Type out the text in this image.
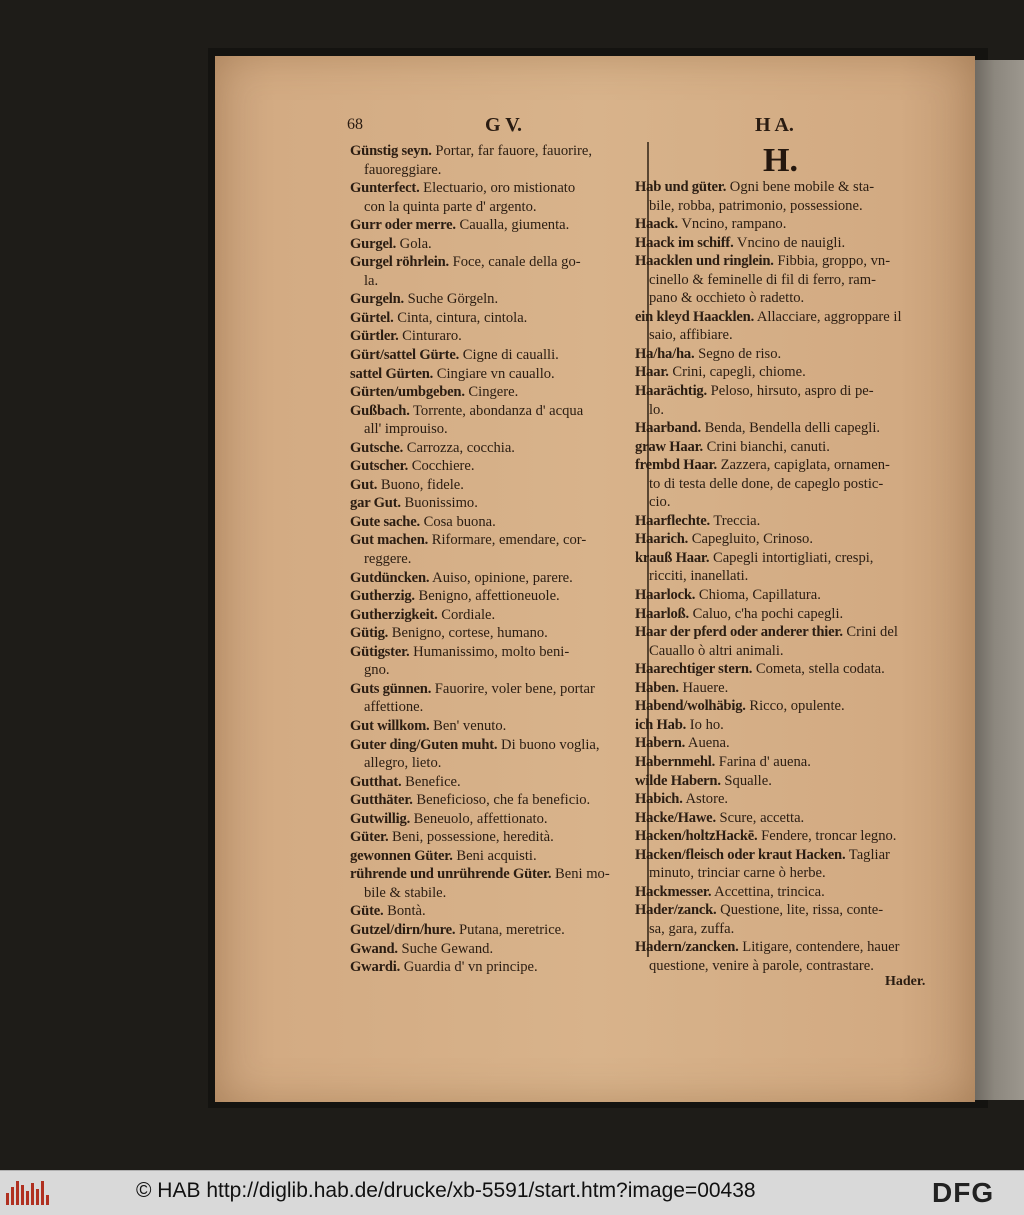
68	G V.	H A.
H.
Günstig seyn. Portar, far fauore, fauorire,
fauoreggiare.
Gunterfect. Electuario, oro mistionato
con la quinta parte d' argento.
Gurr oder merre. Caualla, giumenta.
Gurgel. Gola.
Gurgel röhrlein. Foce, canale della go-
la.
Gurgeln. Suche Görgeln.
Gürtel. Cinta, cintura, cintola.
Gürtler. Cinturaro.
Gürt/sattel Gürte. Cigne di caualli.
sattel Gürten. Cingiare vn cauallo.
Gürten/umbgeben. Cingere.
Gußbach. Torrente, abondanza d' acqua
all' improuiso.
Gutsche. Carrozza, cocchia.
Gutscher. Cocchiere.
Gut. Buono, fidele.
gar Gut. Buonissimo.
Gute sache. Cosa buona.
Gut machen. Riformare, emendare, cor-
reggere.
Gutdüncken. Auiso, opinione, parere.
Gutherzig. Benigno, affettioneuole.
Gutherzigkeit. Cordiale.
Gütig. Benigno, cortese, humano.
Gütigster. Humanissimo, molto beni-
gno.
Guts günnen. Fauorire, voler bene, portar
affettione.
Gut willkom. Ben' venuto.
Guter ding/Guten muht. Di buono voglia,
allegro, lieto.
Gutthat. Benefice.
Gutthäter. Beneficioso, che fa beneficio.
Gutwillig. Beneuolo, affettionato.
Güter. Beni, possessione, heredità.
gewonnen Güter. Beni acquisti.
rührende und unrührende Güter. Beni mo-
bile & stabile.
Güte. Bontà.
Gutzel/dirn/hure. Putana, meretrice.
Gwand. Suche Gewand.
Gwardi. Guardia d' vn principe.
Hab und güter. Ogni bene mobile & sta-
bile, robba, patrimonio, possessione.
Haack. Vncino, rampano.
Haack im schiff. Vncino de nauigli.
Haacklen und ringlein. Fibbia, groppo, vn-
cinello & feminelle di fil di ferro, ram-
pano & occhieto ò radetto.
ein kleyd Haacklen. Allacciare, aggroppare il
saio, affibiare.
Ha/ha/ha. Segno de riso.
Haar. Crini, capegli, chiome.
Haarächtig. Peloso, hirsuto, aspro di pe-
lo.
Haarband. Benda, Bendella delli capegli.
graw Haar. Crini bianchi, canuti.
frembd Haar. Zazzera, capiglata, ornamen-
to di testa delle done, de capeglo postic-
cio.
Haarflechte. Treccia.
Haarich. Capegluito, Crinoso.
krauß Haar. Capegli intortigliati, crespi,
ricciti, inanellati.
Haarlock. Chioma, Capillatura.
Haarloß. Caluo, c'ha pochi capegli.
Haar der pferd oder anderer thier. Crini del
Cauallo ò altri animali.
Haarechtiger stern. Cometa, stella codata.
Haben. Hauere.
Habend/wolhäbig. Ricco, opulente.
ich Hab. Io ho.
Habern. Auena.
Habernmehl. Farina d' auena.
wilde Habern. Squalle.
Habich. Astore.
Hacke/Hawe. Scure, accetta.
Hacken/holtzHackē. Fendere, troncar legno.
Hacken/fleisch oder kraut Hacken. Tagliar
minuto, trinciar carne ò herbe.
Hackmesser. Accettina, trincica.
Hader/zanck. Questione, lite, rissa, conte-
sa, gara, zuffa.
Hadern/zancken. Litigare, contendere, hauer
questione, venire à parole, contrastare.
Hader.
© HAB http://diglib.hab.de/drucke/xb-5591/start.htm?image=00438	DFG
